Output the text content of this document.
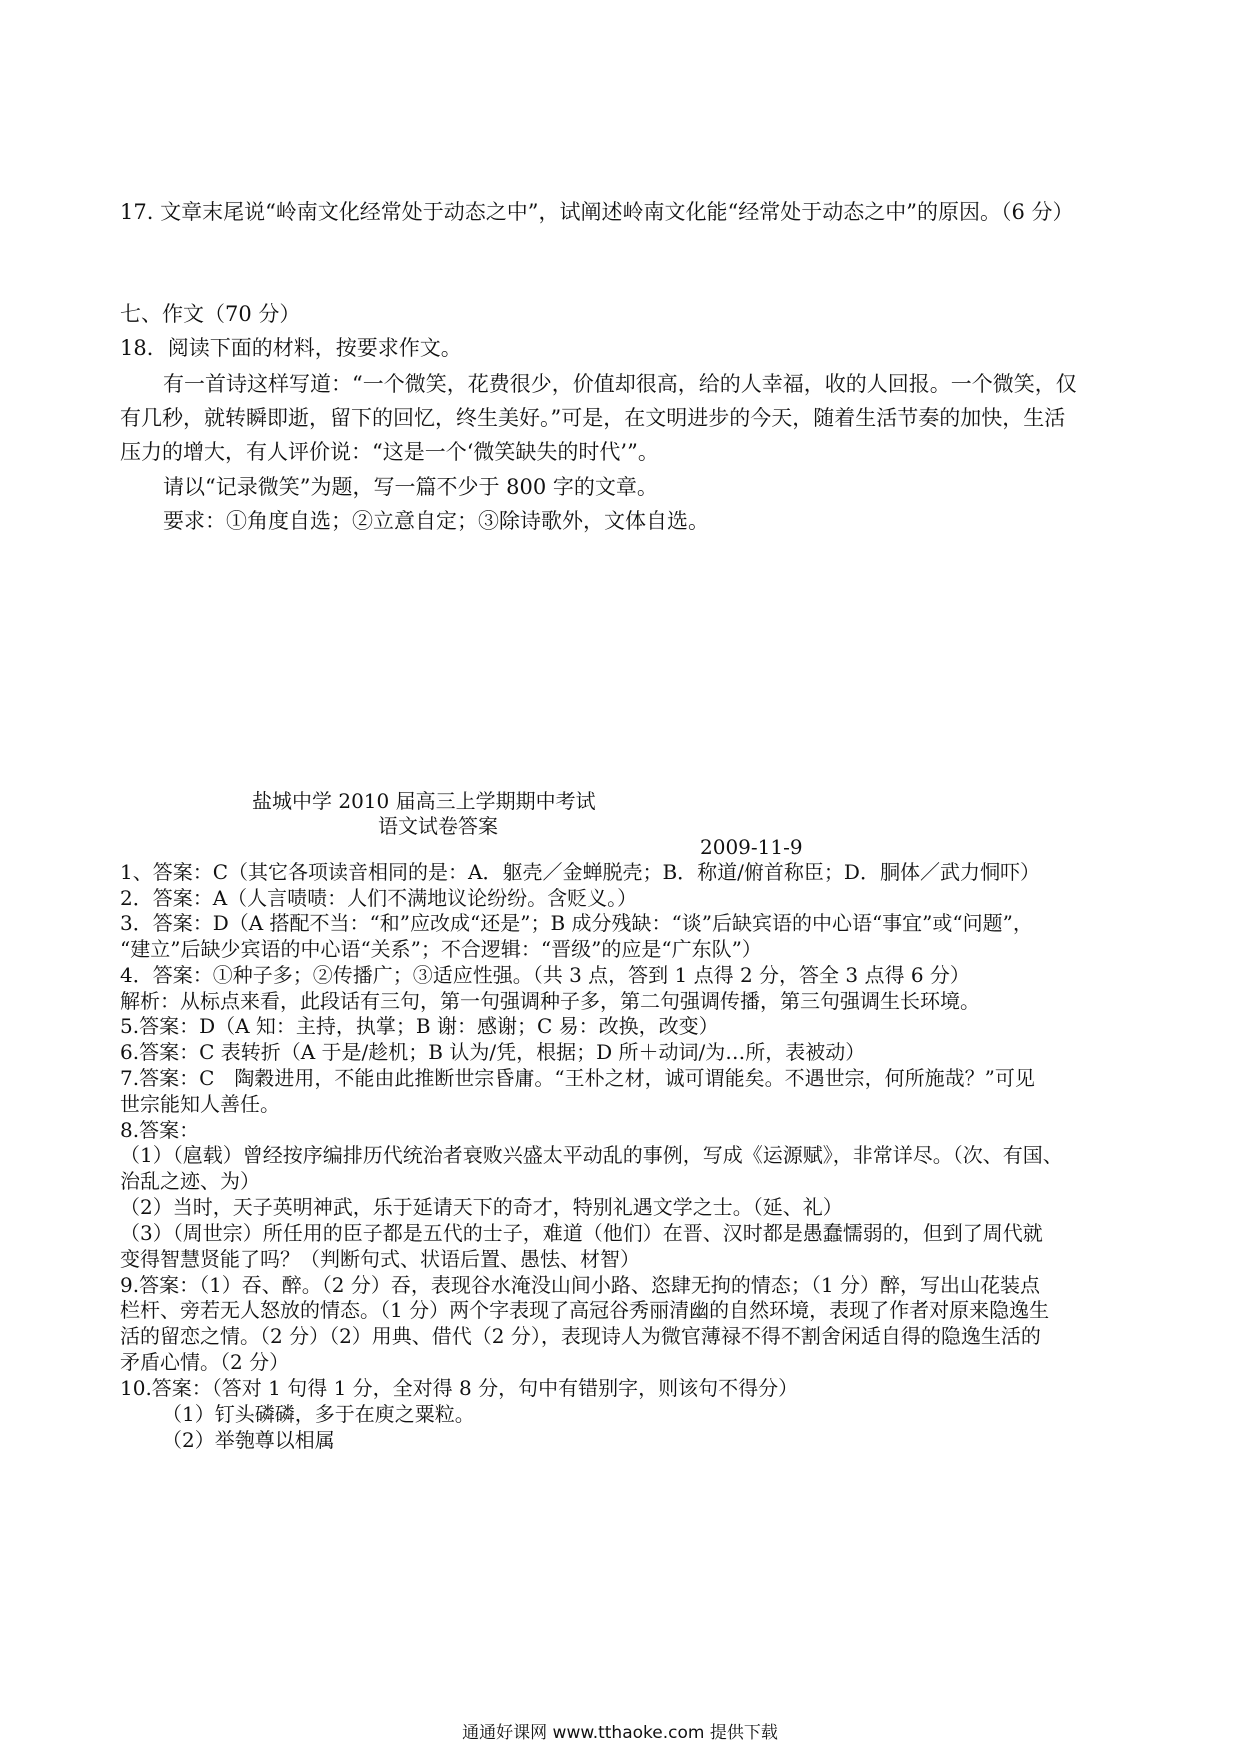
17. 文章末尾说“岭南文化经常处于动态之中”，试阐述岭南文化能“经常处于动态之中”的原因。（6 分）
七、作文（70 分）
18．阅读下面的材料，按要求作文。
有一首诗这样写道：“一个微笑，花费很少，价值却很高，给的人幸福，收的人回报。一个微笑，仅
有几秒，就转瞬即逝，留下的回忆，终生美好。”可是，在文明进步的今天，随着生活节奏的加快，生活
压力的增大，有人评价说：“这是一个‘微笑缺失的时代’”。
请以“记录微笑”为题，写一篇不少于 800 字的文章。
要求：①角度自选；②立意自定；③除诗歌外，文体自选。
盐城中学 2010 届高三上学期期中考试
语文试卷答案
2009-11-9
1、答案：C（其它各项读音相同的是：A．躯壳／金蝉脱壳；B．称道/俯首称臣；D．胴体／武力恫吓）
2．答案：A（人言啧啧：人们不满地议论纷纷。含贬义。）
3．答案：D（A 搭配不当：“和”应改成“还是”；B 成分残缺：“谈”后缺宾语的中心语“事宜”或“问题”，
“建立”后缺少宾语的中心语“关系”；不合逻辑：“晋级”的应是“广东队”）
4．答案：①种子多；②传播广；③适应性强。（共 3 点，答到 1 点得 2 分，答全 3 点得 6 分）
解析：从标点来看，此段话有三句，第一句强调种子多，第二句强调传播，第三句强调生长环境。
5.答案：D（A 知：主持，执掌；B 谢：感谢；C 易：改换，改变）
6.答案：C 表转折（A 于是/趁机；B 认为/凭，根据；D 所＋动词/为…所，表被动）
7.答案：C　陶穀进用，不能由此推断世宗昏庸。“王朴之材，诚可谓能矣。不遇世宗，何所施哉？”可见
世宗能知人善任。
8.答案：
（1）（扈载）曾经按序编排历代统治者衰败兴盛太平动乱的事例，写成《运源赋》，非常详尽。（次、有国、
治乱之迹、为）
（2）当时，天子英明神武，乐于延请天下的奇才，特别礼遇文学之士。（延、礼）
（3）（周世宗）所任用的臣子都是五代的士子，难道（他们）在晋、汉时都是愚蠢懦弱的，但到了周代就
变得智慧贤能了吗？（判断句式、状语后置、愚怯、材智）
9.答案：（1）吞、醉。（2 分）吞，表现谷水淹没山间小路、恣肆无拘的情态；（1 分）醉，写出山花装点
栏杆、旁若无人怒放的情态。（1 分）两个字表现了高冠谷秀丽清幽的自然环境，表现了作者对原来隐逸生
活的留恋之情。（2 分）（2）用典、借代（2 分），表现诗人为微官薄禄不得不割舍闲适自得的隐逸生活的
矛盾心情。（2 分）
10.答案：（答对 1 句得 1 分，全对得 8 分，句中有错别字，则该句不得分）
（1）钉头磷磷，多于在庾之粟粒。
（2）举匏尊以相属
通通好课网 www.tthaoke.com 提供下载
